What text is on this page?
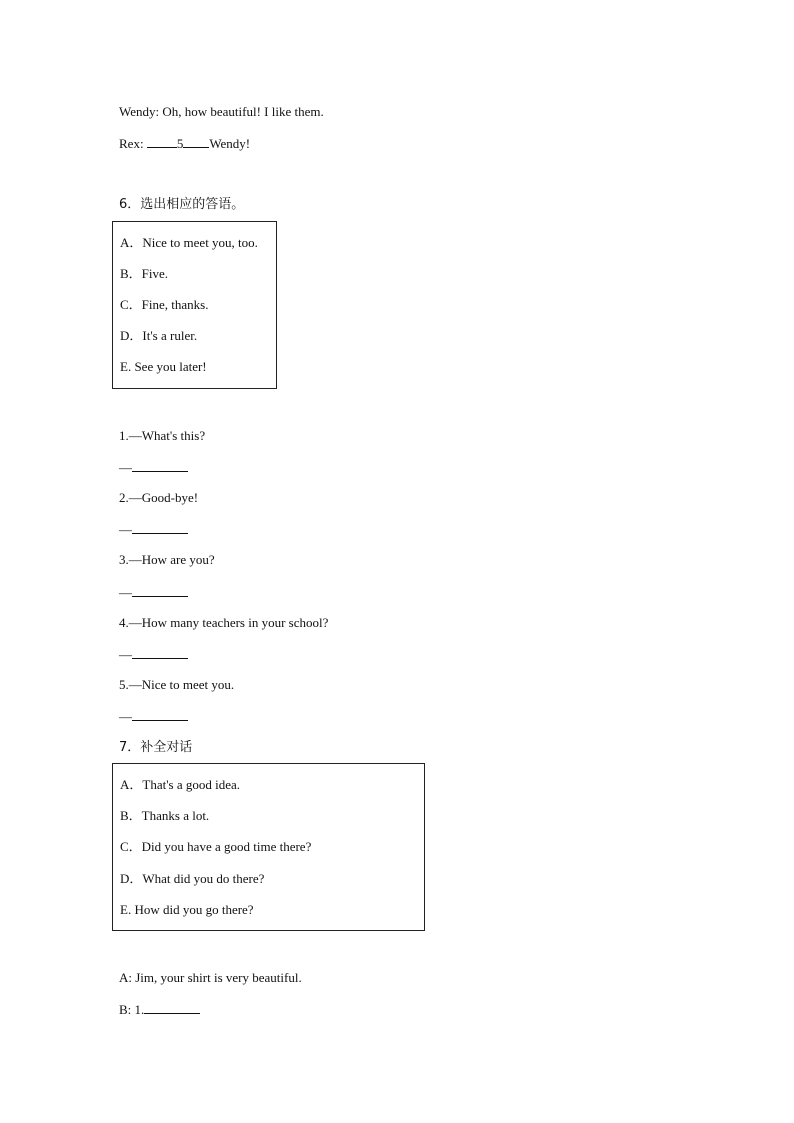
Wendy: Oh, how beautiful! I like them.
Rex: 5 Wendy!
6．选出相应的答语。
A．Nice to meet you, too.
B．Five.
C．Fine, thanks.
D．It's a ruler.
E. See you later!
1.—What's this?
—
2.—Good-bye!
—
3.—How are you?
—
4.—How many teachers in your school?
—
5.—Nice to meet you.
—
7．补全对话
A．That's a good idea.
B．Thanks a lot.
C．Did you have a good time there?
D．What did you do there?
E. How did you go there?
A: Jim, your shirt is very beautiful.
B: 1.
